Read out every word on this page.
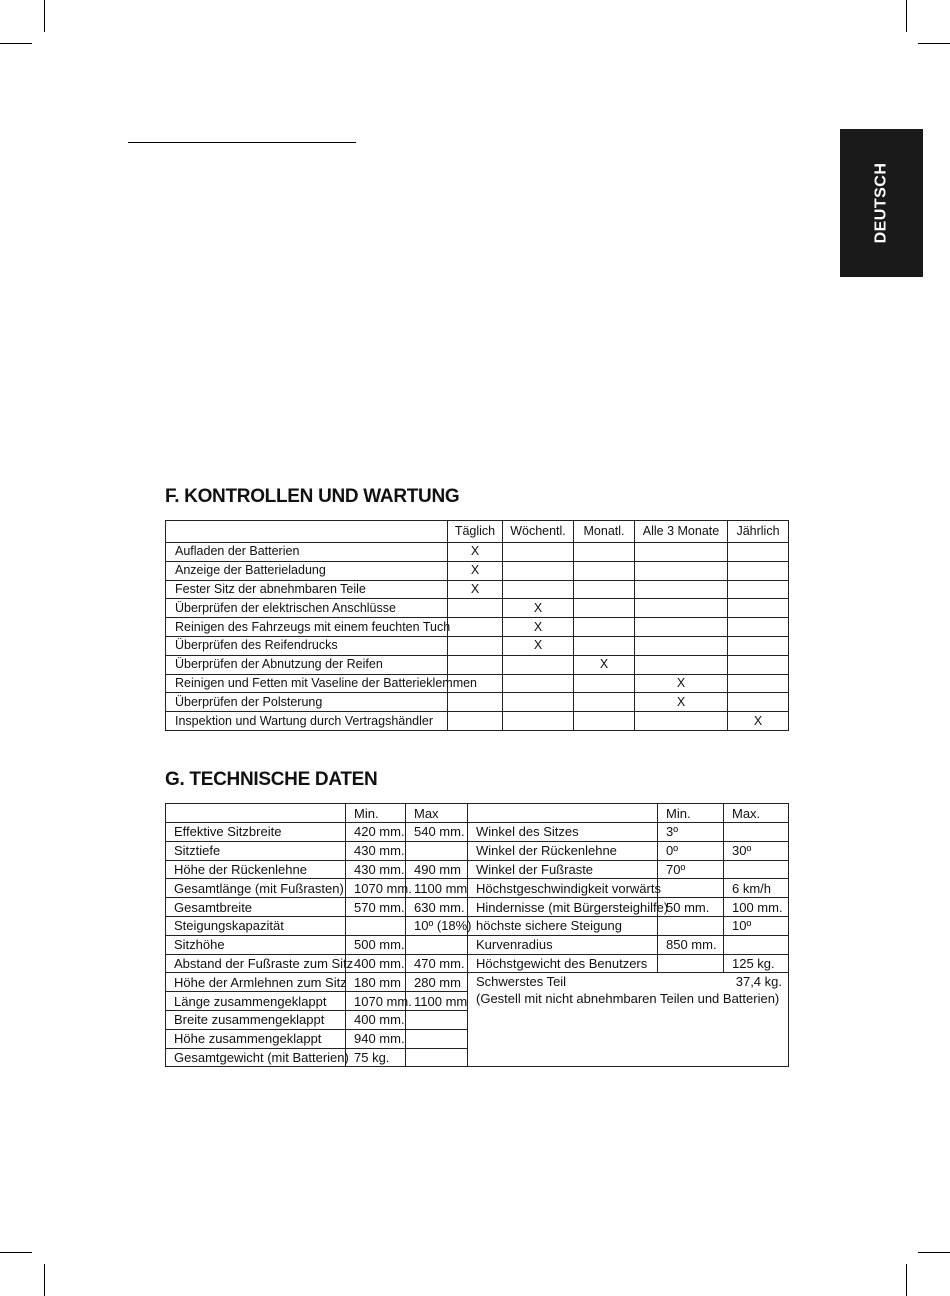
DEUTSCH
F. KONTROLLEN UND WARTUNG
	Täglich	Wöchentl.	Monatl.	Alle 3 Monate	Jährlich
Aufladen der Batterien	X				
Anzeige der Batterieladung	X				
Fester Sitz der abnehmbaren Teile	X				
Überprüfen der elektrischen Anschlüsse		X			
Reinigen des Fahrzeugs mit einem feuchten Tuch		X			
Überprüfen des Reifendrucks		X			
Überprüfen der Abnutzung der Reifen			X		
Reinigen und Fetten mit Vaseline der Batterieklemmen				X	
Überprüfen der Polsterung				X	
Inspektion und Wartung durch Vertragshändler					X
G. TECHNISCHE DATEN
	Min.	Max		Min.	Max.
Effektive Sitzbreite	420 mm.	540 mm.	Winkel des Sitzes	3º	
Sitztiefe	430 mm.		Winkel der Rückenlehne	0º	30º
Höhe der Rückenlehne	430 mm.	490 mm	Winkel der Fußraste	70º	
Gesamtlänge (mit Fußrasten)	1070 mm.	1100 mm	Höchstgeschwindigkeit vorwärts		6 km/h
Gesamtbreite	570 mm.	630 mm.	Hindernisse (mit Bürgersteighilfe)	50 mm.	100 mm.
Steigungskapazität		10º (18%)	höchste sichere Steigung		10º
Sitzhöhe	500 mm.		Kurvenradius	850 mm.	
Abstand der Fußraste zum Sitz	400 mm.	470 mm.	Höchstgewicht des Benutzers		125 kg.
Höhe der Armlehnen zum Sitz	180 mm	280 mm	Schwerstes Teil 37,4 kg.
(Gestell mit nicht abnehmbaren Teilen und Batterien)		

Länge zusammengeklappt	1070 mm.	1100 mm			
Breite zusammengeklappt	400 mm.				
Höhe zusammengeklappt	940 mm.				
Gesamtgewicht (mit Batterien)	75 kg.				
